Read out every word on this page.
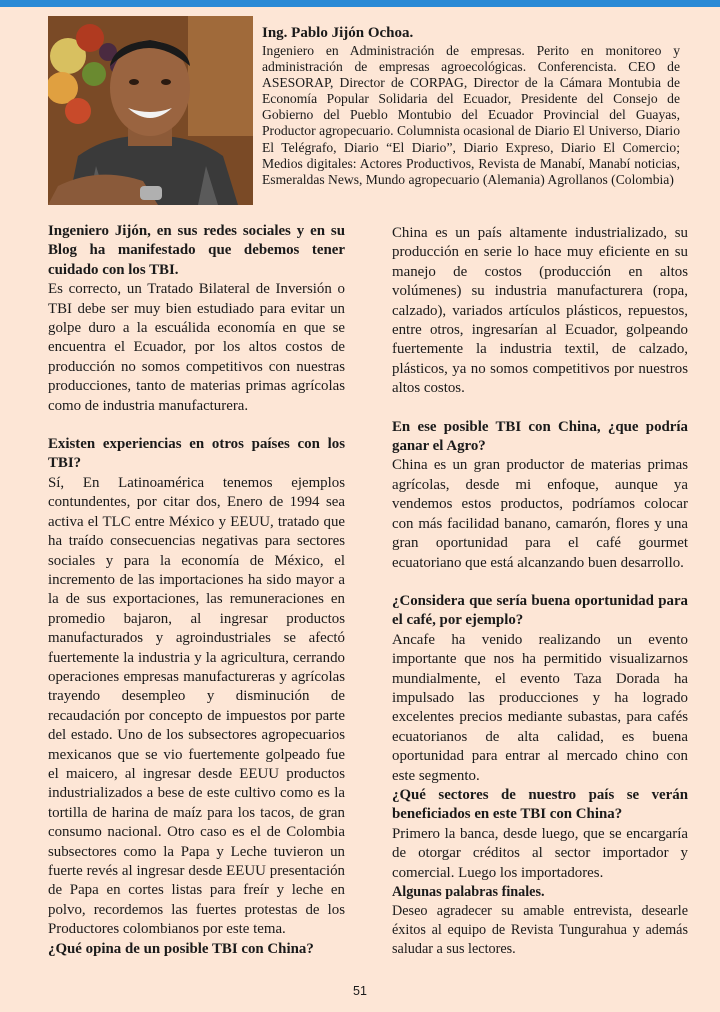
Ing. Pablo Jijón Ochoa.
Ingeniero en Administración de empresas. Perito en monitoreo y administración de empresas agroecológicas. Conferencista. CEO de ASESORAP, Director de CORPAG, Director de la Cámara Montubia de Economía Popular Solidaria del Ecuador, Presidente del Consejo de Gobierno del Pueblo Montubio del Ecuador Provincial del Guayas, Productor agropecuario. Columnista ocasional de Diario El Universo, Diario El Telégrafo, Diario “El Diario”, Diario Expreso, Diario El Comercio; Medios digitales: Actores Productivos, Revista de Manabí, Manabí noticias, Esmeraldas News, Mundo agropecuario (Alemania) Agrollanos (Colombia)
Ingeniero Jijón, en sus redes sociales y en su Blog ha manifestado que debemos tener cuidado con los TBI.
Es correcto, un Tratado Bilateral de Inversión o TBI debe ser muy bien estudiado para evitar un golpe duro a la escuálida economía en que se encuentra el Ecuador, por los altos costos de producción no somos competitivos con nuestras producciones, tanto de materias primas agrícolas como de industria manufacturera.
Existen experiencias en otros países con los TBI?
Sí, En Latinoamérica tenemos ejemplos contundentes, por citar dos, Enero de 1994 sea activa el TLC entre México y EEUU, tratado que ha traído consecuencias negativas para sectores sociales y para la economía de México, el incremento de las importaciones ha sido mayor a la de sus exportaciones, las remuneraciones en promedio bajaron, al ingresar productos manufacturados y agroindustriales se afectó fuertemente la industria y la agricultura, cerrando operaciones empresas manufactureras y agrícolas trayendo desempleo y disminución de recaudación por concepto de impuestos por parte del estado. Uno de los subsectores agropecuarios mexicanos que se vio fuertemente golpeado fue el maicero, al ingresar desde EEUU productos industrializados a bese de este cultivo como es la tortilla de harina de maíz para los tacos, de gran consumo nacional. Otro caso es el de Colombia subsectores como la Papa y Leche tuvieron un fuerte revés al ingresar desde EEUU presentación de Papa en cortes listas para freír y leche en polvo, recordemos las fuertes protestas de los Productores colombianos por este tema.
¿Qué opina de un posible TBI con China?
China es un país altamente industrializado, su producción en serie lo hace muy eficiente en su manejo de costos (producción en altos volúmenes) su industria manufacturera (ropa, calzado), variados artículos plásticos, repuestos, entre otros, ingresarían al Ecuador, golpeando fuertemente la industria textil, de calzado, plásticos, ya no somos competitivos por nuestros altos costos.
En ese posible TBI con China, ¿que podría ganar el Agro?
China es un gran productor de materias primas agrícolas, desde mi enfoque, aunque ya vendemos estos productos, podríamos colocar con más facilidad banano, camarón, flores y una gran oportunidad para el café gourmet ecuatoriano que está alcanzando buen desarrollo.
¿Considera que sería buena oportunidad para el café, por ejemplo?
Ancafe ha venido realizando un evento importante que nos ha permitido visualizarnos mundialmente, el evento Taza Dorada ha impulsado las producciones y ha logrado excelentes precios mediante subastas, para cafés ecuatorianos de alta calidad, es buena oportunidad para entrar al mercado chino con este segmento.
¿Qué sectores de nuestro país se verán beneficiados en este TBI con China?
Primero la banca, desde luego, que se encargaría de otorgar créditos al sector importador y comercial. Luego los importadores.
Algunas palabras finales.
Deseo agradecer su amable entrevista, desearle éxitos al equipo de Revista Tungurahua y además saludar a sus lectores.
51
